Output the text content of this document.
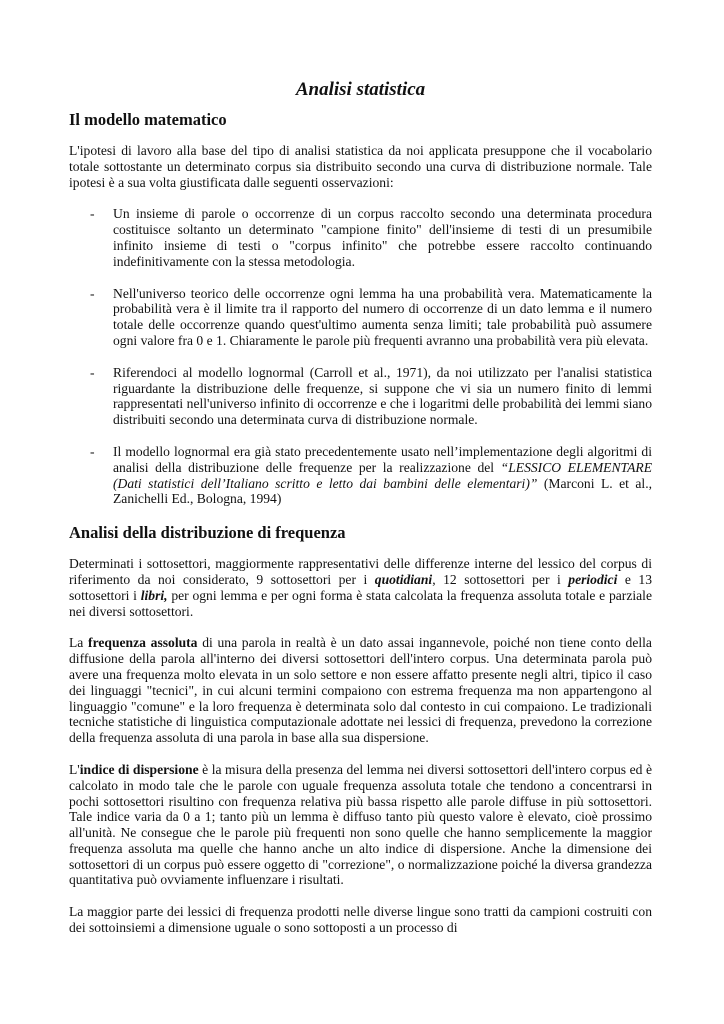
Analisi statistica
Il modello matematico

L'ipotesi di lavoro alla base del tipo di analisi statistica da noi applicata presuppone che il vocabolario totale sottostante un determinato corpus sia distribuito secondo una curva di distribuzione normale. Tale ipotesi è a sua volta giustificata dalle seguenti osservazioni:

- Un insieme di parole o occorrenze di un corpus raccolto secondo una determinata procedura costituisce soltanto un determinato "campione finito" dell'insieme di testi di un presumibile infinito insieme di testi o "corpus infinito" che potrebbe essere raccolto continuando indefinitivamente con la stessa metodologia.
- Nell'universo teorico delle occorrenze ogni lemma ha una probabilità vera. Matematicamente la probabilità vera è il limite tra il rapporto del numero di occorrenze di un dato lemma e il numero totale delle occorrenze quando quest'ultimo aumenta senza limiti; tale probabilità può assumere ogni valore fra 0 e 1. Chiaramente le parole più frequenti avranno una probabilità vera più elevata.
- Riferendoci al modello lognormal (Carroll et al., 1971), da noi utilizzato per l'analisi statistica riguardante la distribuzione delle frequenze, si suppone che vi sia un numero finito di lemmi rappresentati nell'universo infinito di occorrenze e che i logaritmi delle probabilità dei lemmi siano distribuiti secondo una determinata curva di distribuzione normale.
- Il modello lognormal era già stato precedentemente usato nell’implementazione degli algoritmi di analisi della distribuzione delle frequenze per la realizzazione del “LESSICO ELEMENTARE (Dati statistici dell’Italiano scritto e letto dai bambini delle elementari)” (Marconi L. et al., Zanichelli Ed., Bologna, 1994)
Analisi della distribuzione di frequenza

Determinati i sottosettori, maggiormente rappresentativi delle differenze interne del lessico del corpus di riferimento da noi considerato, 9 sottosettori per i quotidiani, 12 sottosettori per i periodici e 13 sottosettori i libri, per ogni lemma e per ogni forma è stata calcolata la frequenza assoluta totale e parziale nei diversi sottosettori.

La frequenza assoluta di una parola in realtà è un dato assai ingannevole, poiché non tiene conto della diffusione della parola all'interno dei diversi sottosettori dell'intero corpus. Una determinata parola può avere una frequenza molto elevata in un solo settore e non essere affatto presente negli altri, tipico il caso dei linguaggi "tecnici", in cui alcuni termini compaiono con estrema frequenza ma non appartengono al linguaggio "comune" e la loro frequenza è determinata solo dal contesto in cui compaiono. Le tradizionali tecniche statistiche di linguistica computazionale adottate nei lessici di frequenza, prevedono la correzione della frequenza assoluta di una parola in base alla sua dispersione.

L'indice di dispersione è la misura della presenza del lemma nei diversi sottosettori dell'intero corpus ed è calcolato in modo tale che le parole con uguale frequenza assoluta totale che tendono a concentrarsi in pochi sottosettori risultino con frequenza relativa più bassa rispetto alle parole diffuse in più sottosettori. Tale indice varia da 0 a 1; tanto più un lemma è diffuso tanto più questo valore è elevato, cioè prossimo all'unità. Ne consegue che le parole più frequenti non sono quelle che hanno semplicemente la maggior frequenza assoluta ma quelle che hanno anche un alto indice di dispersione. Anche la dimensione dei sottosettori di un corpus può essere oggetto di "correzione", o normalizzazione poiché la diversa grandezza quantitativa può ovviamente influenzare i risultati.

La maggior parte dei lessici di frequenza prodotti nelle diverse lingue sono tratti da campioni costruiti con dei sottoinsiemi a dimensione uguale o sono sottoposti a un processo di
